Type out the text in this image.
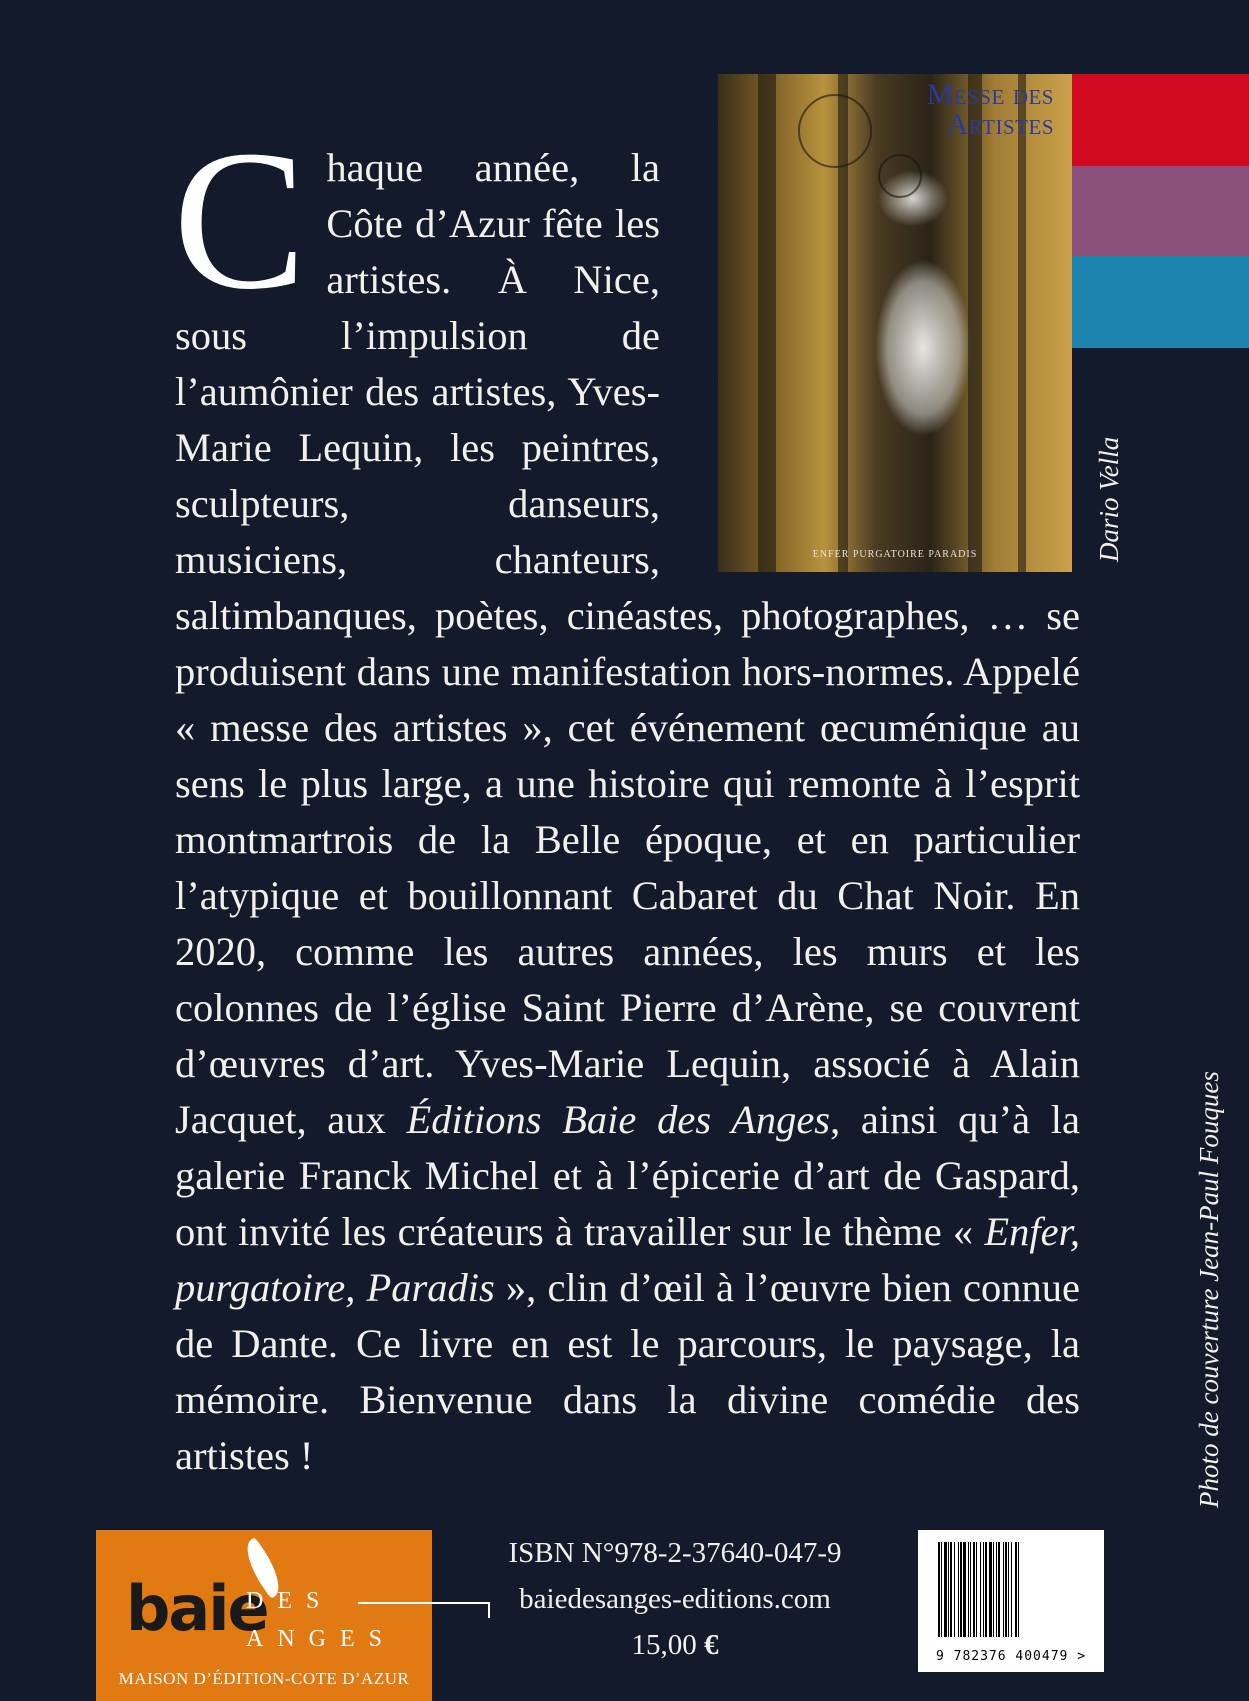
Messe des
Artistes
ENFER PURGATOIRE PARADIS	Dario Vella
Photo de couverture Jean-Paul Fouques

Chaque année, la Côte d’Azur fête les artistes. À Nice, sous l’impulsion de l’aumônier des artistes, Yves-Marie Lequin, les peintres, sculpteurs, danseurs, musiciens, chanteurs, saltimbanques, poètes, cinéastes, photographes, … se produisent dans une manifestation hors-normes. Appelé « messe des artistes », cet événement œcuménique au sens le plus large, a une histoire qui remonte à l’esprit montmartrois de la Belle époque, et en particulier l’atypique et bouillonnant Cabaret du Chat Noir. En 2020, comme les autres années, les murs et les colonnes de l’église Saint Pierre d’Arène, se couvrent d’œuvres d’art. Yves-Marie Lequin, associé à Alain Jacquet, aux Éditions Baie des Anges, ainsi qu’à la galerie Franck Michel et à l’épicerie d’art de Gaspard, ont invité les créateurs à travailler sur le thème « Enfer, purgatoire, Paradis », clin d’œil à l’œuvre bien connue de Dante. Ce livre en est le parcours, le paysage, la mémoire. Bienvenue dans la divine comédie des artistes !

baie
DES
ANGES
MAISON D’ÉDITION-COTE D’AZUR
ISBN N°978-2-37640-047-9
baiedesanges-editions.com
15,00 €	9 782376 400479 >
